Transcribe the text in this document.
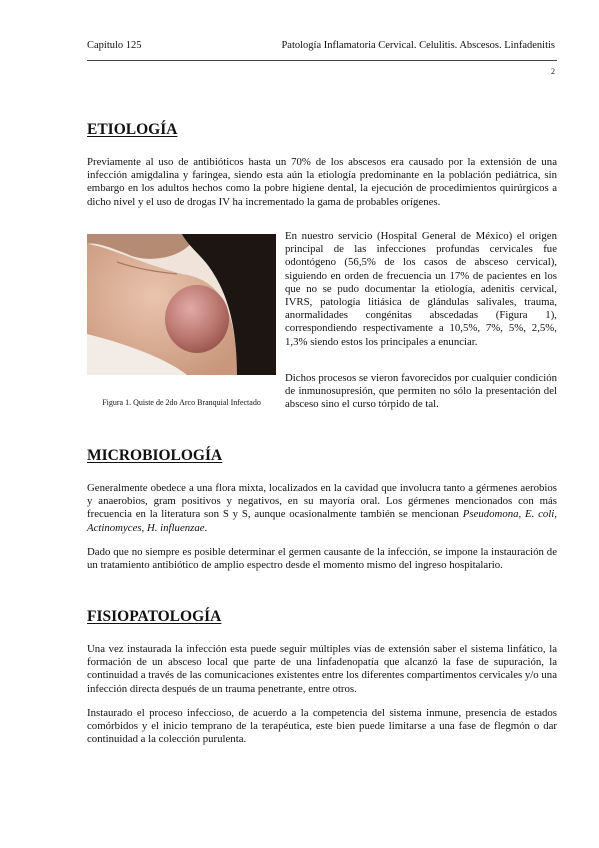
Capítulo 125	Patología Inflamatoria Cervical. Celulitis. Abscesos. Linfadenitis
2
ETIOLOGÍA

Previamente al uso de antibióticos hasta un 70% de los abscesos era causado por la extensión de una infección amigdalina y faríngea, siendo esta aún la etiología predominante en la población pediátrica, sin embargo en los adultos hechos como la pobre higiene dental, la ejecución de procedimientos quirúrgicos a dicho nivel y el uso de drogas IV ha incrementado la gama de probables orígenes.

Figura 1. Quiste de 2do Arco Branquial Infectado

En nuestro servicio (Hospital General de México) el origen principal de las infecciones profundas cervicales fue odontógeno (56,5% de los casos de absceso cervical), siguiendo en orden de frecuencia un 17% de pacientes en los que no se pudo documentar la etiología, adenitis cervical, IVRS, patología litiásica de glándulas salivales, trauma, anormalidades congénitas abscedadas (Figura 1), correspondiendo respectivamente a 10,5%, 7%, 5%, 2,5%, 1,3% siendo estos los principales a enunciar.

Dichos procesos se vieron favorecidos por cualquier condición de inmunosupresión, que permiten no sólo la presentación del absceso sino el curso tórpido de tal.

MICROBIOLOGÍA

Generalmente obedece a una flora mixta, localizados en la cavidad que involucra tanto a gérmenes aerobios y anaerobios, gram positivos y negativos, en su mayoría oral. Los gérmenes mencionados con más frecuencia en la literatura son S y S, aunque ocasionalmente también se mencionan Pseudomona, E. coli, Actinomyces, H. influenzae.

Dado que no siempre es posible determinar el germen causante de la infección, se impone la instauración de un tratamiento antibiótico de amplio espectro desde el momento mismo del ingreso hospitalario.

FISIOPATOLOGÍA

Una vez instaurada la infección esta puede seguir múltiples vías de extensión saber el sistema linfático, la formación de un absceso local que parte de una linfadenopatía que alcanzó la fase de supuración, la continuidad a través de las comunicaciones existentes entre los diferentes compartimentos cervicales y/o una infección directa después de un trauma penetrante, entre otros.

Instaurado el proceso infeccioso, de acuerdo a la competencia del sistema inmune, presencia de estados comórbidos y el inicio temprano de la terapéutica, este bien puede limitarse a una fase de flegmón o dar continuidad a la colección purulenta.
